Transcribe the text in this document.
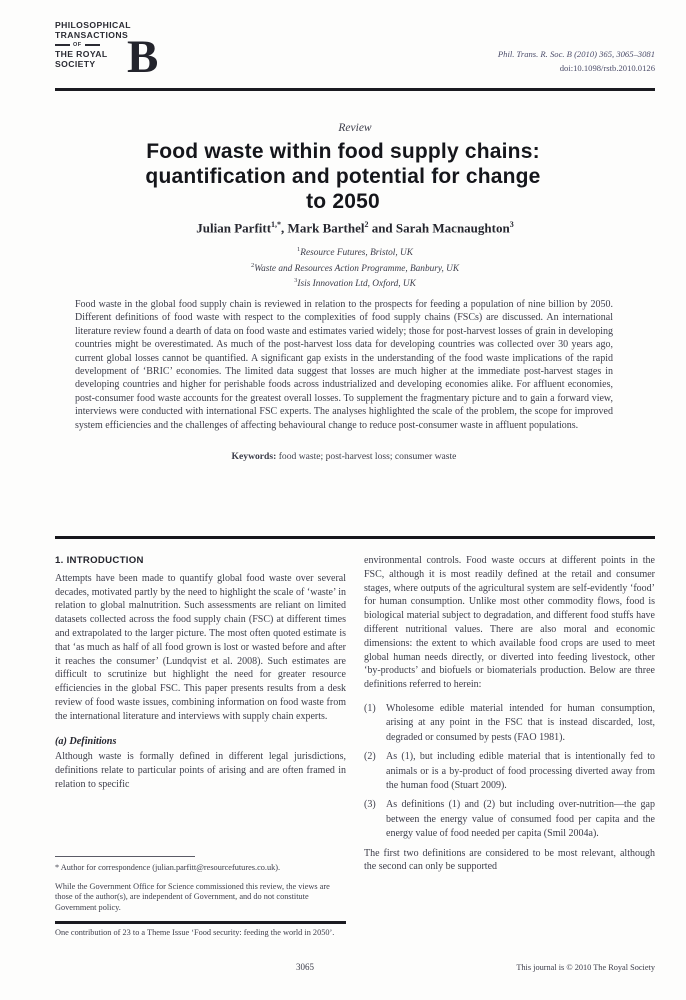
PHILOSOPHICAL
TRANSACTIONS
OF
THE ROYAL
SOCIETY B	Phil. Trans. R. Soc. B (2010) 365, 3065–3081
doi:10.1098/rstb.2010.0126
Review
Food waste within food supply chains:
quantification and potential for change
to 2050
Julian Parfitt$^{1,*}$, Mark Barthel$^2$ and Sarah Macnaughton$^3$
$^1$Resource Futures, Bristol, UK
$^2$Waste and Resources Action Programme, Banbury, UK
$^3$Isis Innovation Ltd, Oxford, UK
Food waste in the global food supply chain is reviewed in relation to the prospects for feeding a population of nine billion by 2050. Different definitions of food waste with respect to the complexities of food supply chains (FSCs) are discussed. An international literature review found a dearth of data on food waste and estimates varied widely; those for post-harvest losses of grain in developing countries might be overestimated. As much of the post-harvest loss data for developing countries was collected over 30 years ago, current global losses cannot be quantified. A significant gap exists in the understanding of the food waste implications of the rapid development of ‘BRIC’ economies. The limited data suggest that losses are much higher at the immediate post-harvest stages in developing countries and higher for perishable foods across industrialized and developing economies alike. For affluent economies, post-consumer food waste accounts for the greatest overall losses. To supplement the fragmentary picture and to gain a forward view, interviews were conducted with international FSC experts. The analyses highlighted the scale of the problem, the scope for improved system efficiencies and the challenges of affecting behavioural change to reduce post-consumer waste in affluent populations.
Keywords: food waste; post-harvest loss; consumer waste
1. INTRODUCTION

Attempts have been made to quantify global food waste over several decades, motivated partly by the need to highlight the scale of ‘waste’ in relation to global malnutrition. Such assessments are reliant on limited datasets collected across the food supply chain (FSC) at different times and extrapolated to the larger picture. The most often quoted estimate is that ‘as much as half of all food grown is lost or wasted before and after it reaches the consumer’ (Lundqvist et al. 2008). Such estimates are difficult to scrutinize but highlight the need for greater resource efficiencies in the global FSC. This paper presents results from a desk review of food waste issues, combining information on food waste from the international literature and interviews with supply chain experts.

(a) Definitions

Although waste is formally defined in different legal jurisdictions, definitions relate to particular points of arising and are often framed in relation to specific

environmental controls. Food waste occurs at different points in the FSC, although it is most readily defined at the retail and consumer stages, where outputs of the agricultural system are self-evidently ‘food’ for human consumption. Unlike most other commodity flows, food is biological material subject to degradation, and different food stuffs have different nutritional values. There are also moral and economic dimensions: the extent to which available food crops are used to meet global human needs directly, or diverted into feeding livestock, other ‘by-products’ and biofuels or biomaterials production. Below are three definitions referred to herein:

(1)	Wholesome edible material intended for human consumption, arising at any point in the FSC that is instead discarded, lost, degraded or consumed by pests (FAO 1981).
(2)	As (1), but including edible material that is intentionally fed to animals or is a by-product of food processing diverted away from the human food (Stuart 2009).
(3)	As definitions (1) and (2) but including over-nutrition—the gap between the energy value of consumed food per capita and the energy value of food needed per capita (Smil 2004a).

The first two definitions are considered to be most relevant, although the second can only be supported

* Author for correspondence (julian.parfitt@resourcefutures.co.uk).

While the Government Office for Science commissioned this review, the views are those of the author(s), are independent of Government, and do not constitute Government policy.

One contribution of 23 to a Theme Issue ‘Food security: feeding the world in 2050’.

3065	This journal is © 2010 The Royal Society
